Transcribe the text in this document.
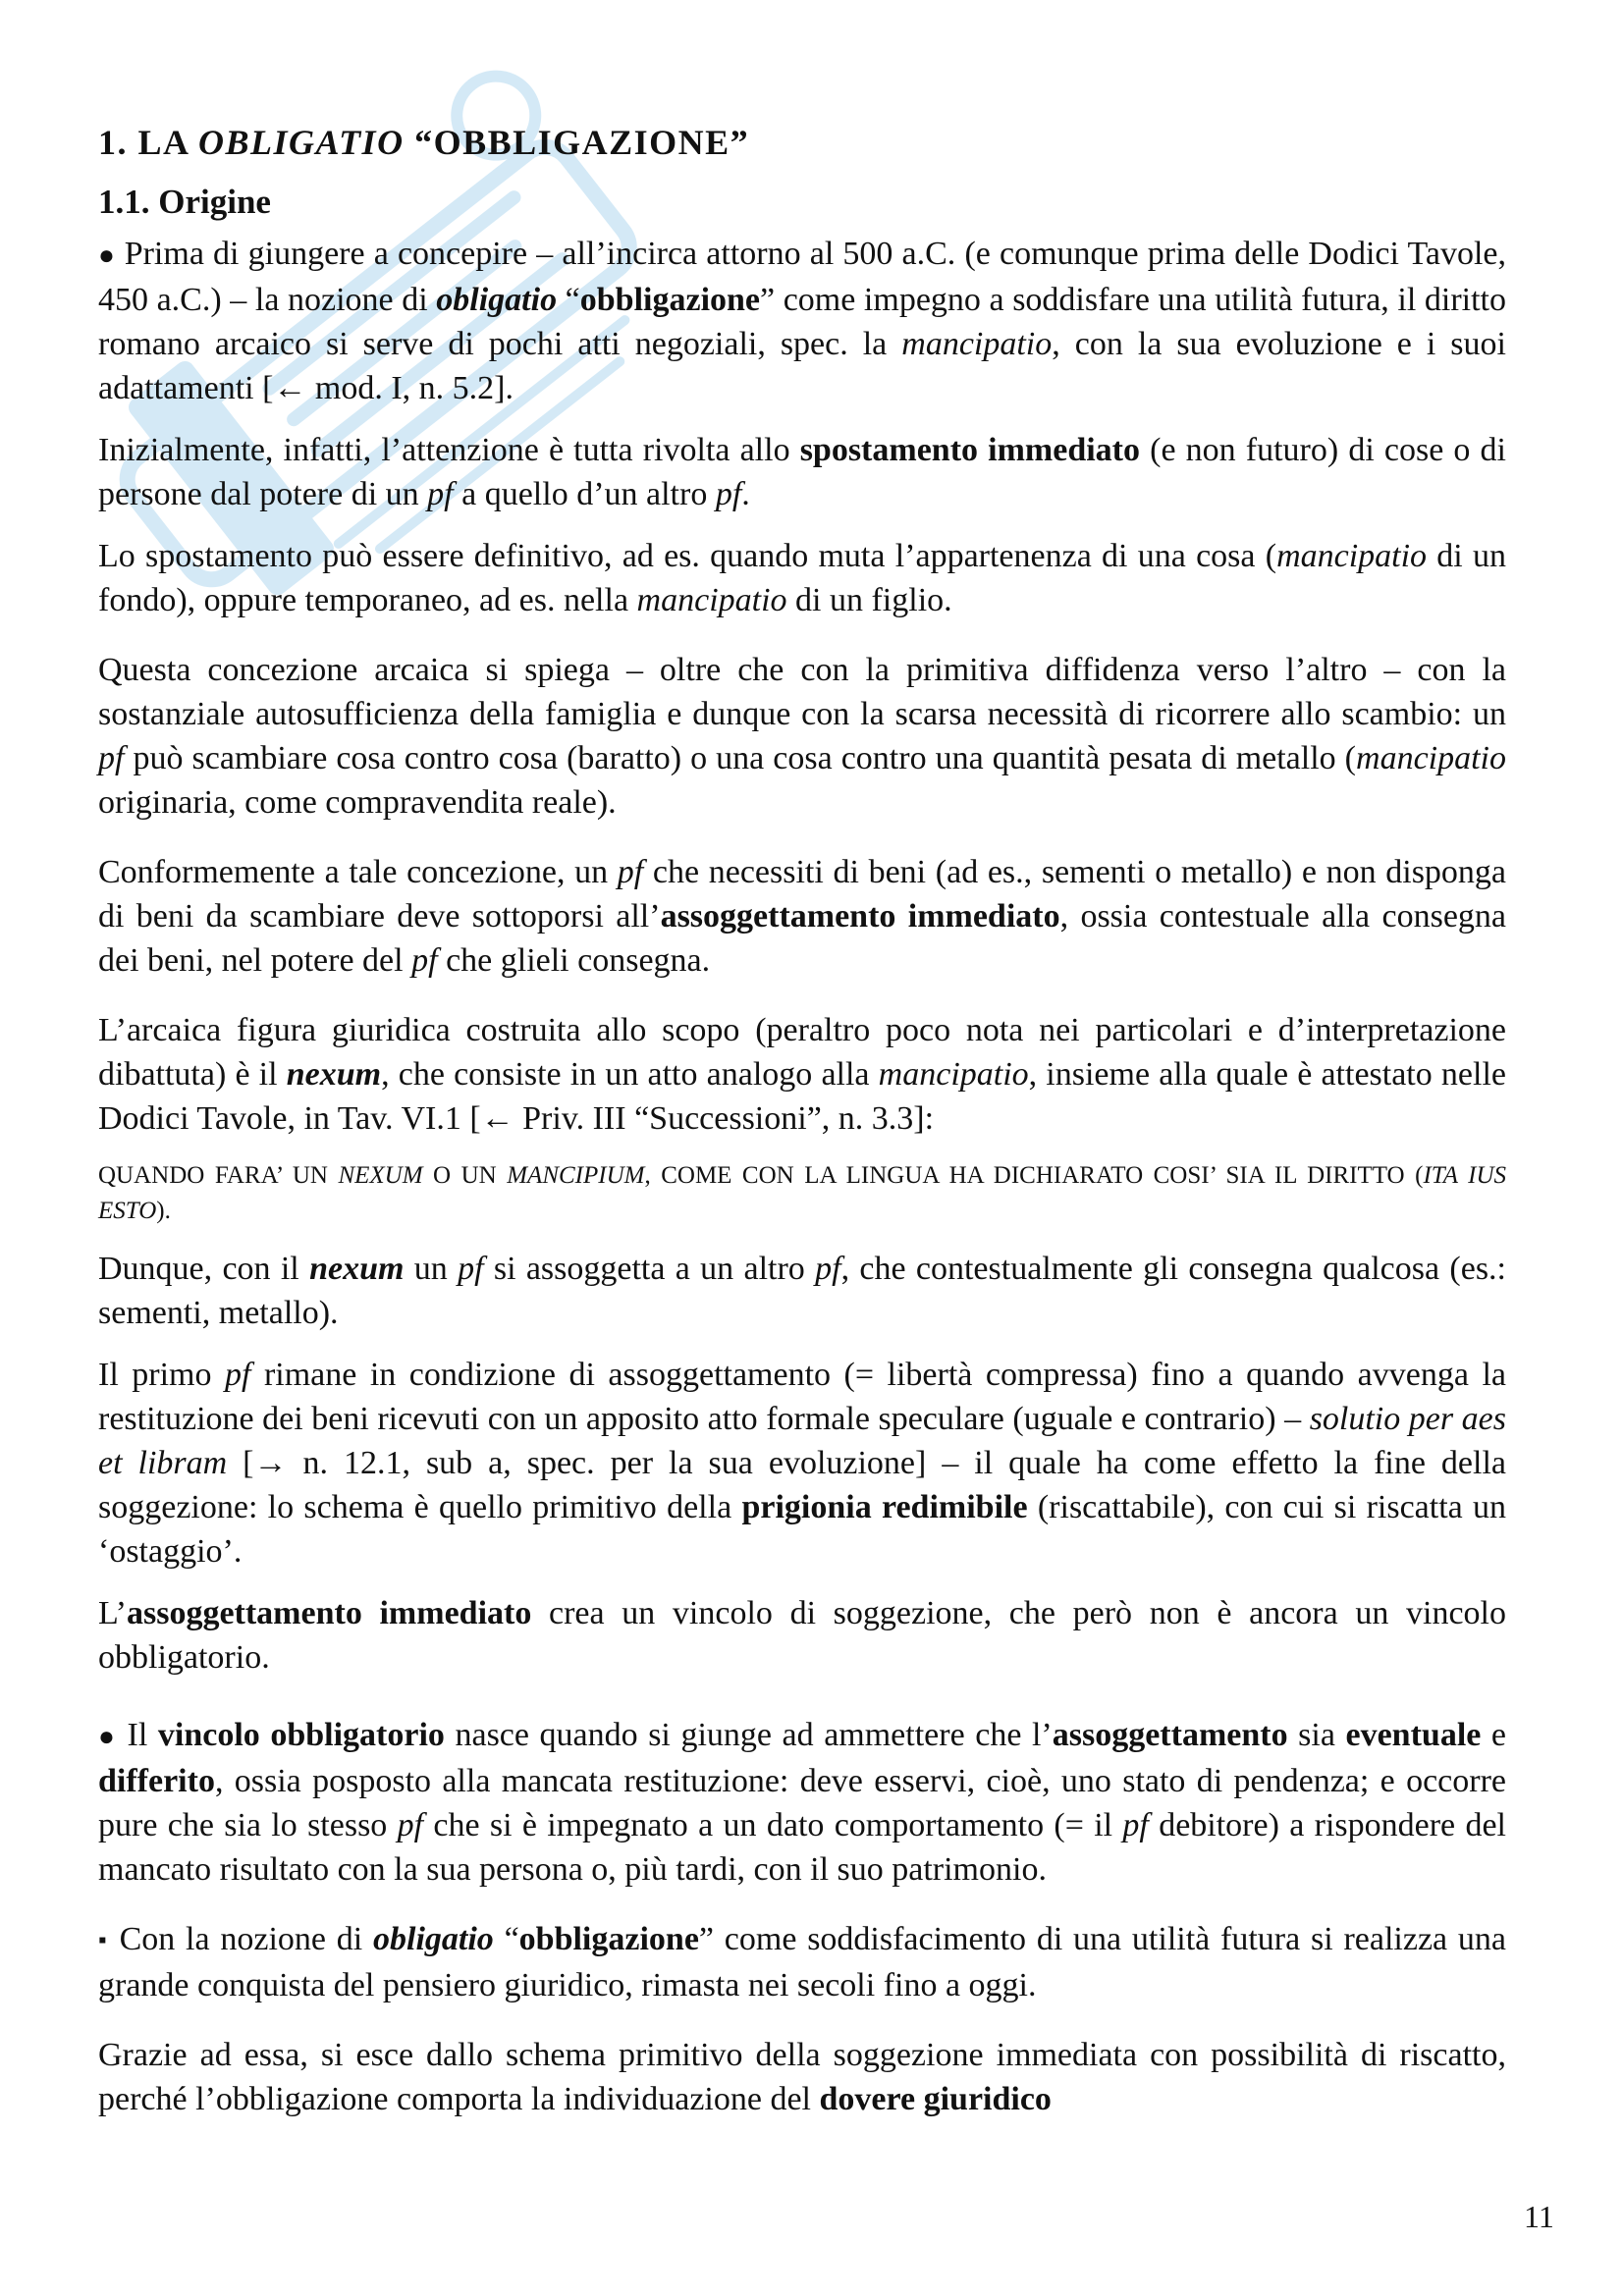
1. LA OBLIGATIO “OBBLIGAZIONE”
1.1. Origine

● Prima di giungere a concepire – all’incirca attorno al 500 a.C. (e comunque prima delle Dodici Tavole, 450 a.C.) – la nozione di obligatio “obbligazione” come impegno a soddisfare una utilità futura, il diritto romano arcaico si serve di pochi atti negoziali, spec. la mancipatio, con la sua evoluzione e i suoi adattamenti [← mod. I, n. 5.2].

Inizialmente, infatti, l’attenzione è tutta rivolta allo spostamento immediato (e non futuro) di cose o di persone dal potere di un pf a quello d’un altro pf.

Lo spostamento può essere definitivo, ad es. quando muta l’appartenenza di una cosa (mancipatio di un fondo), oppure temporaneo, ad es. nella mancipatio di un figlio.

Questa concezione arcaica si spiega – oltre che con la primitiva diffidenza verso l’altro – con la sostanziale autosufficienza della famiglia e dunque con la scarsa necessità di ricorrere allo scambio: un pf può scambiare cosa contro cosa (baratto) o una cosa contro una quantità pesata di metallo (mancipatio originaria, come compravendita reale).

Conformemente a tale concezione, un pf che necessiti di beni (ad es., sementi o metallo) e non disponga di beni da scambiare deve sottoporsi all’assoggettamento immediato, ossia contestuale alla consegna dei beni, nel potere del pf che glieli consegna.

L’arcaica figura giuridica costruita allo scopo (peraltro poco nota nei particolari e d’interpretazione dibattuta) è il nexum, che consiste in un atto analogo alla mancipatio, insieme alla quale è attestato nelle Dodici Tavole, in Tav. VI.1 [← Priv. III “Successioni”, n. 3.3]:

QUANDO FARA’ UN NEXUM O UN MANCIPIUM, COME CON LA LINGUA HA DICHIARATO COSI’ SIA IL DIRITTO (ITA IUS ESTO).

Dunque, con il nexum un pf si assoggetta a un altro pf, che contestualmente gli consegna qualcosa (es.: sementi, metallo).

Il primo pf rimane in condizione di assoggettamento (= libertà compressa) fino a quando avvenga la restituzione dei beni ricevuti con un apposito atto formale speculare (uguale e contrario) – solutio per aes et libram [→ n. 12.1, sub a, spec. per la sua evoluzione] – il quale ha come effetto la fine della soggezione: lo schema è quello primitivo della prigionia redimibile (riscattabile), con cui si riscatta un ‘ostaggio’.

L’assoggettamento immediato crea un vincolo di soggezione, che però non è ancora un vincolo obbligatorio.

● Il vincolo obbligatorio nasce quando si giunge ad ammettere che l’assoggettamento sia eventuale e differito, ossia posposto alla mancata restituzione: deve esservi, cioè, uno stato di pendenza; e occorre pure che sia lo stesso pf che si è impegnato a un dato comportamento (= il pf debitore) a rispondere del mancato risultato con la sua persona o, più tardi, con il suo patrimonio.

▪ Con la nozione di obligatio “obbligazione” come soddisfacimento di una utilità futura si realizza una grande conquista del pensiero giuridico, rimasta nei secoli fino a oggi.

Grazie ad essa, si esce dallo schema primitivo della soggezione immediata con possibilità di riscatto, perché l’obbligazione comporta la individuazione del dovere giuridico

11
